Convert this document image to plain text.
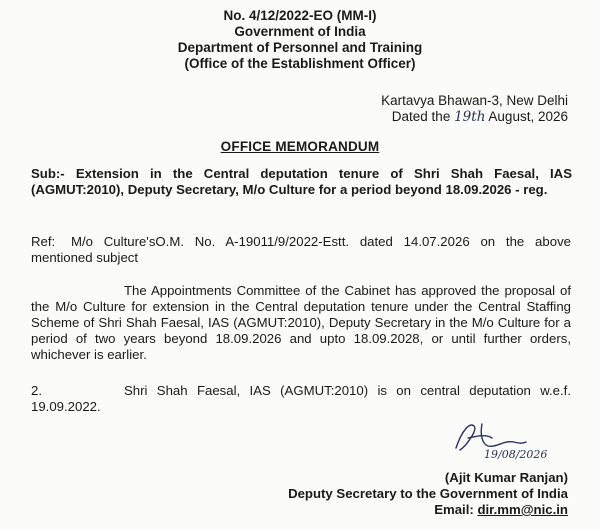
No. 4/12/2022-EO (MM-I)
Government of India
Department of Personnel and Training
(Office of the Establishment Officer)
Kartavya Bhawan-3, New Delhi
Dated the 19th August, 2026
OFFICE MEMORANDUM
Sub:- Extension in the Central deputation tenure of Shri Shah Faesal, IAS (AGMUT:2010), Deputy Secretary, M/o Culture for a period beyond 18.09.2026 - reg.
Ref: M/o Culture'sO.M. No. A-19011/9/2022-Estt. dated 14.07.2026 on the above mentioned subject
The Appointments Committee of the Cabinet has approved the proposal of the M/o Culture for extension in the Central deputation tenure under the Central Staffing Scheme of Shri Shah Faesal, IAS (AGMUT:2010), Deputy Secretary in the M/o Culture for a period of two years beyond 18.09.2026 and upto 18.09.2028, or until further orders, whichever is earlier.
2.	Shri Shah Faesal, IAS (AGMUT:2010) is on central deputation w.e.f. 19.09.2022.
19/08/2026
(Ajit Kumar Ranjan)
Deputy Secretary to the Government of India
Email: dir.mm@nic.in
